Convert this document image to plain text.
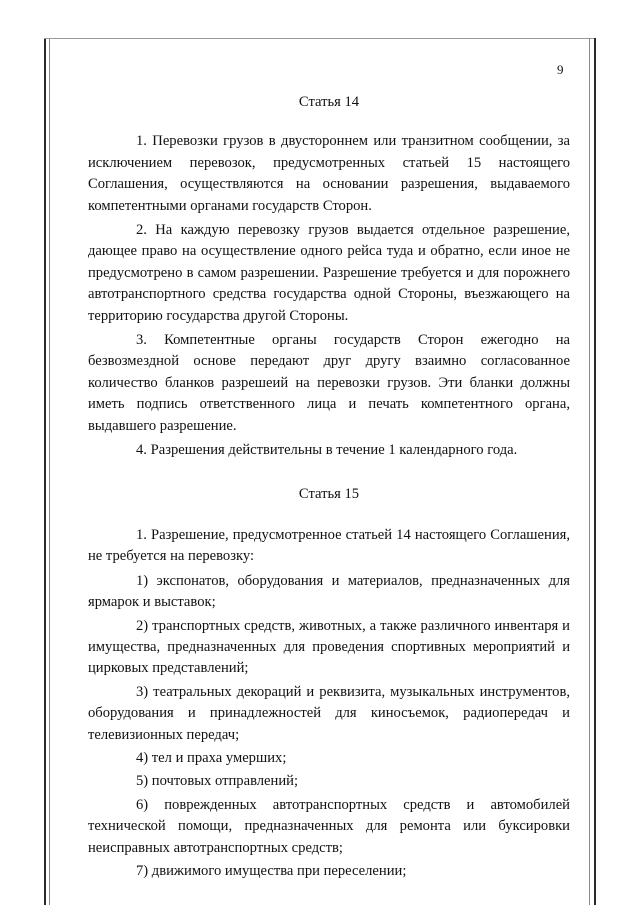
9
Статья 14

1. Перевозки грузов в двустороннем или транзитном сообщении, за исключением перевозок, предусмотренных статьей 15 настоящего Соглашения, осуществляются на основании разрешения, выдаваемого компетентными органами государств Сторон.

2. На каждую перевозку грузов выдается отдельное разрешение, дающее право на осуществление одного рейса туда и обратно, если иное не предусмотрено в самом разрешении. Разрешение требуется и для порожнего автотранспортного средства государства одной Стороны, въезжающего на территорию государства другой Стороны.

3. Компетентные органы государств Сторон ежегодно на безвозмездной основе передают друг другу взаимно согласованное количество бланков разрешеий на перевозки грузов. Эти бланки должны иметь подпись ответственного лица и печать компетентного органа, выдавшего разрешение.

4. Разрешения действительны в течение 1 календарного года.

Статья 15

1. Разрешение, предусмотренное статьей 14 настоящего Соглашения, не требуется на перевозку:

1) экспонатов, оборудования и материалов, предназначенных для ярмарок и выставок;

2) транспортных средств, животных, а также различного инвентаря и имущества, предназначенных для проведения спортивных мероприятий и цирковых представлений;

3) театральных декораций и реквизита, музыкальных инструментов, оборудования и принадлежностей для киносъемок, радиопередач и телевизионных передач;

4) тел и праха умерших;

5) почтовых отправлений;

6) поврежденных автотранспортных средств и автомобилей технической помощи, предназначенных для ремонта или буксировки неисправных автотранспортных средств;

7) движимого имущества при переселении;
